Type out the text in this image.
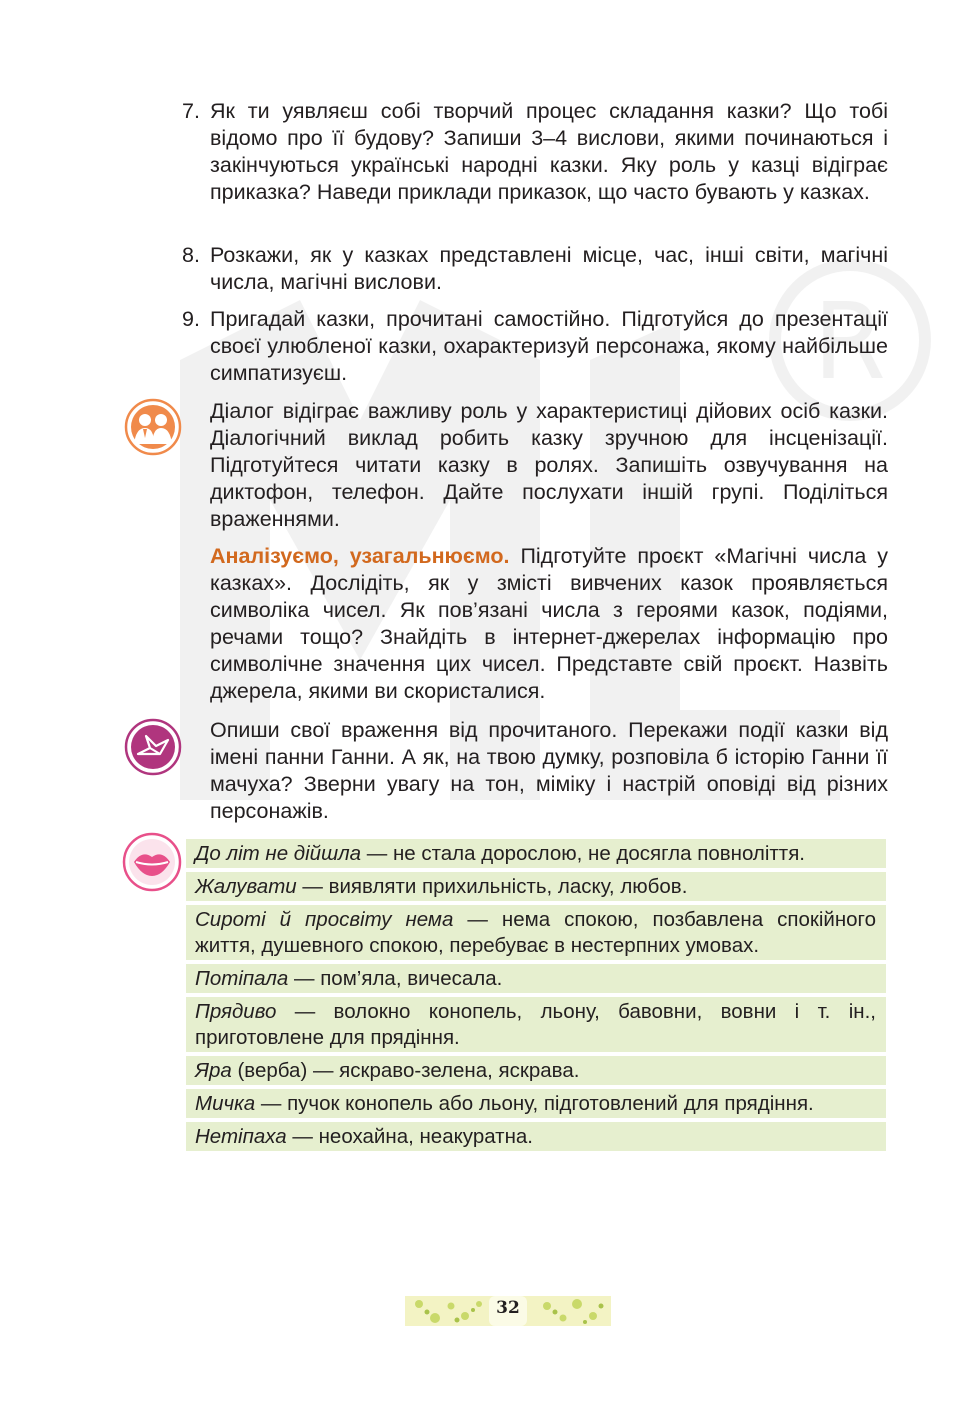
R
7. Як ти уявляєш собі творчий процес складання казки? Що тобі відомо про її будову? Запиши 3–4 вислови, якими починаються і закінчуються українські народні казки. Яку роль у казці відіграє приказка? Наведи приклади приказок, що часто бувають у казках.
8. Розкажи, як у казках представлені місце, час, інші світи, магічні числа, магічні вислови.
9. Пригадай казки, прочитані самостійно. Підготуйся до презентації своєї улюбленої казки, охарактеризуй персонажа, якому найбільше симпатизуєш.
Діалог відіграє важливу роль у характеристиці дійових осіб казки. Діалогічний виклад робить казку зручною для інсценізації. Підготуйтеся читати казку в ролях. Запишіть озвучування на диктофон, телефон. Дайте послухати іншій групі. Поділіться враженнями.
Аналізуємо, узагальнюємо. Підготуйте проєкт «Магічні числа у казках». Дослідіть, як у змісті вивчених казок проявляється символіка чисел. Як пов’язані числа з героями казок, подіями, речами тощо? Знайдіть в інтернет-джерелах інформацію про символічне значення цих чисел. Представте свій проєкт. Назвіть джерела, якими ви скористалися.
Опиши свої враження від прочитаного. Перекажи події казки від імені панни Ганни. А як, на твою думку, розповіла б історію Ганни її мачуха? Зверни увагу на тон, міміку і настрій оповіді від різних персонажів.
До літ не дійшла — не стала дорослою, не досягла повноліття.
Жалувати — виявляти прихильність, ласку, любов.
Сироті й просвіту нема — нема спокою, позбавлена спокійного життя, душевного спокою, перебуває в нестерпних умовах.
Потіпала — пом’яла, вичесала.
Прядиво — волокно конопель, льону, бавовни, вовни і т. ін., приготовлене для прядіння.
Яра (верба) — яскраво-зелена, яскрава.
Мичка — пучок конопель або льону, підготовлений для прядіння.
Нетіпаха — неохайна, неакуратна.
32
